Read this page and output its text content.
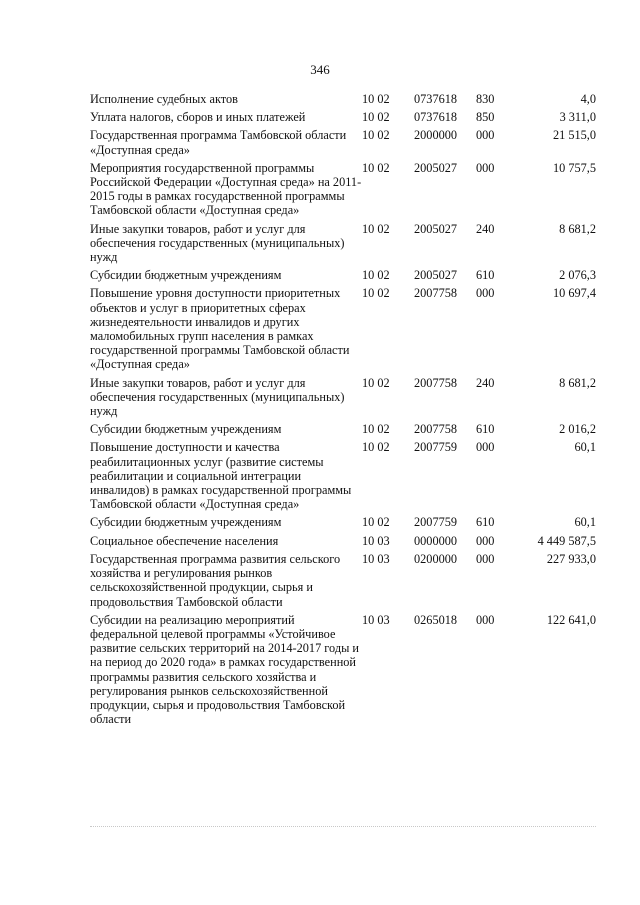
346
Исполнение судебных актов	10 02	0737618	830	4,0
Уплата налогов, сборов и иных платежей	10 02	0737618	850	3 311,0
Государственная программа Тамбовской области «Доступная среда»	10 02	2000000	000	21 515,0
Мероприятия государственной программы Российской Федерации «Доступная среда» на 2011-2015 годы в рамках государственной программы Тамбовской области «Доступная среда»	10 02	2005027	000	10 757,5
Иные закупки товаров, работ и услуг для обеспечения государственных (муниципальных) нужд	10 02	2005027	240	8 681,2
Субсидии бюджетным учреждениям	10 02	2005027	610	2 076,3
Повышение уровня доступности приоритетных объектов и услуг в приоритетных сферах жизнедеятельности инвалидов и других маломобильных групп населения в рамках государственной программы Тамбовской области «Доступная среда»	10 02	2007758	000	10 697,4
Иные закупки товаров, работ и услуг для обеспечения государственных (муниципальных) нужд	10 02	2007758	240	8 681,2
Субсидии бюджетным учреждениям	10 02	2007758	610	2 016,2
Повышение доступности и качества реабилитационных услуг (развитие системы реабилитации и социальной интеграции инвалидов) в рамках государственной программы Тамбовской области «Доступная среда»	10 02	2007759	000	60,1
Субсидии бюджетным учреждениям	10 02	2007759	610	60,1
Социальное обеспечение населения	10 03	0000000	000	4 449 587,5
Государственная программа развития сельского хозяйства и регулирования рынков сельскохозяйственной продукции, сырья и продовольствия Тамбовской области	10 03	0200000	000	227 933,0
Субсидии на реализацию мероприятий федеральной целевой программы «Устойчивое развитие сельских территорий на 2014-2017 годы и на период до 2020 года» в рамках государственной программы развития сельского хозяйства и регулирования рынков сельскохозяйственной продукции, сырья и продовольствия Тамбовской области	10 03	0265018	000	122 641,0
